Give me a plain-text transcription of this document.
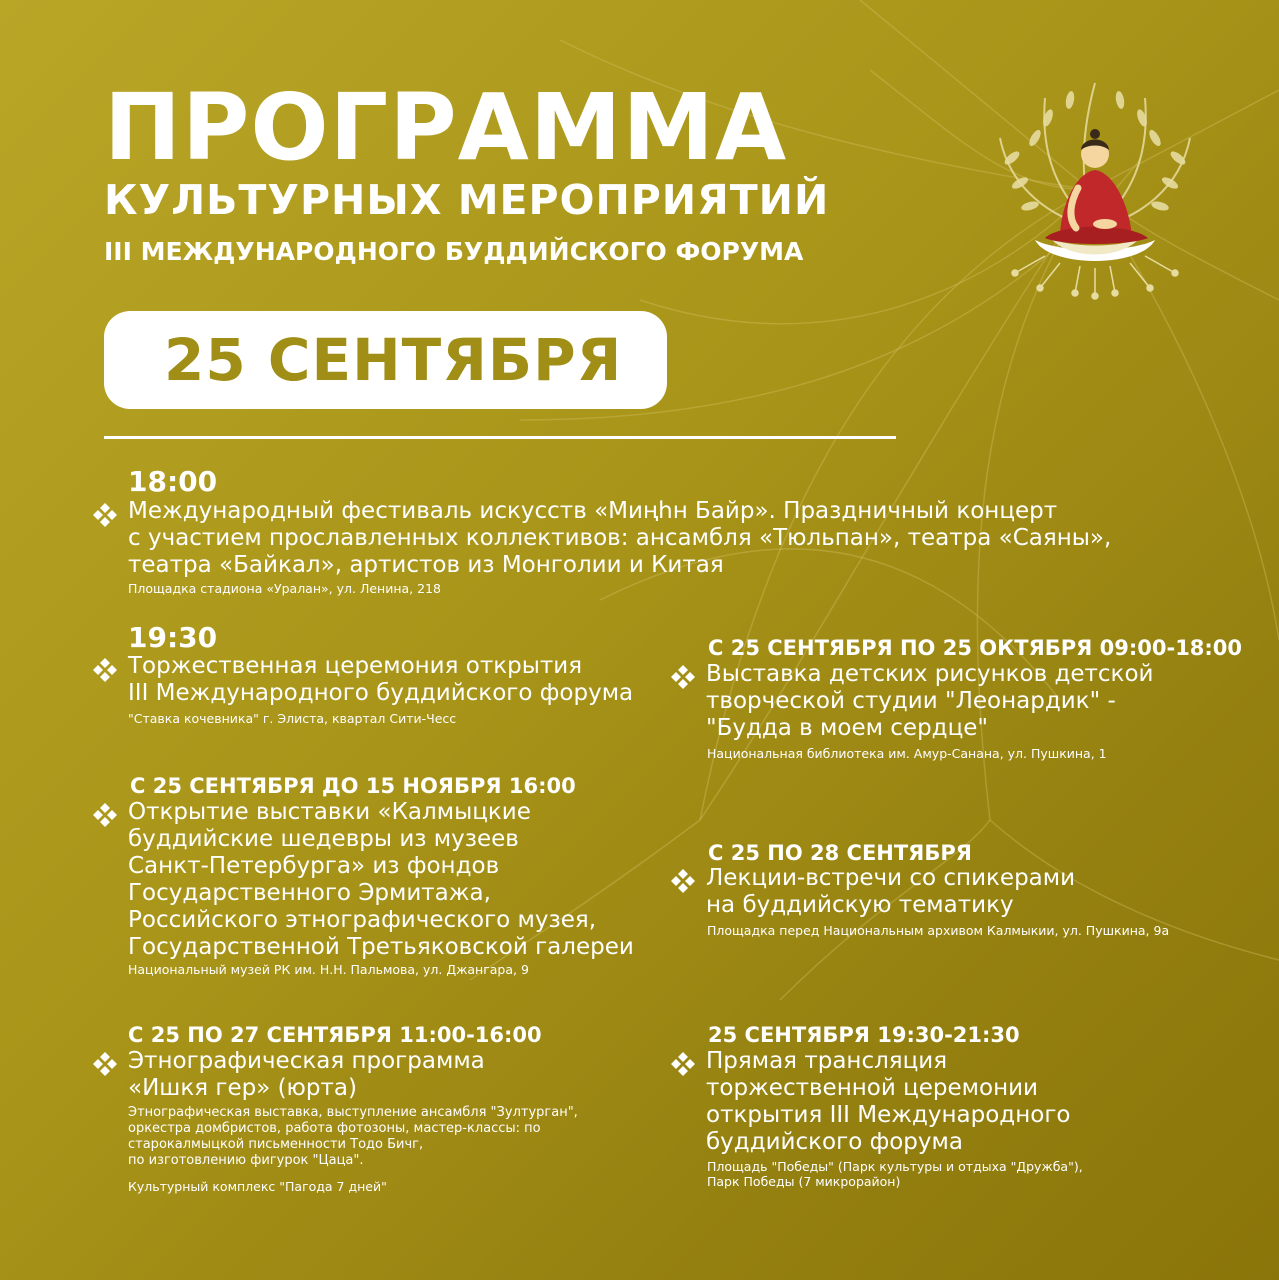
ПРОГРАММА
КУЛЬТУРНЫХ МЕРОПРИЯТИЙ
III МЕЖДУНАРОДНОГО БУДДИЙСКОГО ФОРУМА
25 СЕНТЯБРЯ
18:00
Международный фестиваль искусств «Миңһн Байр». Праздничный концерт
с участием прославленных коллективов: ансамбля «Тюльпан», театра «Саяны»,
театра «Байкал», артистов из Монголии и Китая
Площадка стадиона «Уралан», ул. Ленина, 218
19:30
Торжественная церемония открытия
III Международного буддийского форума
"Ставка кочевника" г. Элиста, квартал Сити-Чесс
С 25 СЕНТЯБРЯ ПО 25 ОКТЯБРЯ 09:00-18:00
Выставка детских рисунков детской
творческой студии "Леонардик" -
"Будда в моем сердце"
Национальная библиотека им. Амур-Санана, ул. Пушкина, 1
С 25 СЕНТЯБРЯ ДО 15 НОЯБРЯ 16:00
Открытие выставки «Калмыцкие
буддийские шедевры из музеев
Санкт-Петербурга» из фондов
Государственного Эрмитажа,
Российского этнографического музея,
Государственной Третьяковской галереи
Национальный музей РК им. Н.Н. Пальмова, ул. Джангара, 9
С 25 ПО 28 СЕНТЯБРЯ
Лекции-встречи со спикерами
на буддийскую тематику
Площадка перед Национальным архивом Калмыкии, ул. Пушкина, 9а
С 25 ПО 27 СЕНТЯБРЯ 11:00-16:00
Этнографическая программа
«Ишкя гер» (юрта)
Этнографическая выставка, выступление ансамбля "Зултурган",
оркестра домбристов, работа фотозоны, мастер-классы: по
старокалмыцкой письменности Тодо Бичг,
по изготовлению фигурок "Цаца".
Культурный комплекс "Пагода 7 дней"
25 СЕНТЯБРЯ 19:30-21:30
Прямая трансляция
торжественной церемонии
открытия III Международного
буддийского форума
Площадь "Победы" (Парк культуры и отдыха "Дружба"),
Парк Победы (7 микрорайон)
